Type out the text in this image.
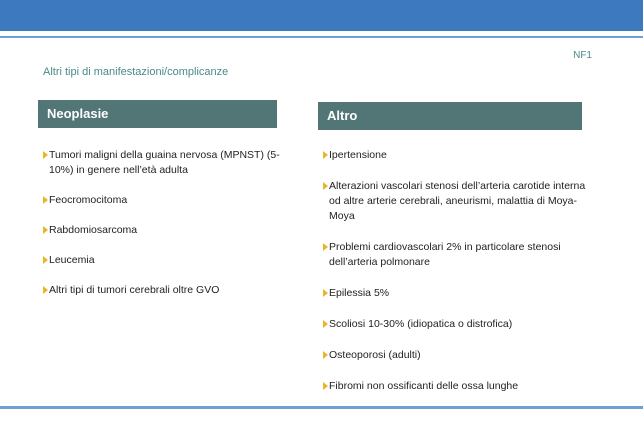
NF1
Altri tipi di manifestazioni/complicanze
Neoplasie	Altro
Tumori maligni della guaina nervosa (MPNST) (5-10%) in genere nell’età adulta
Feocromocitoma
Rabdomiosarcoma
Leucemia
Altri tipi di tumori cerebrali oltre GVO
Ipertensione
Alterazioni vascolari stenosi dell’arteria carotide interna od altre arterie cerebrali, aneurismi, malattia di Moya-Moya
Problemi cardiovascolari 2% in particolare stenosi dell’arteria polmonare
Epilessia 5%
Scoliosi 10-30% (idiopatica o distrofica)
Osteoporosi (adulti)
Fibromi non ossificanti delle ossa lunghe
